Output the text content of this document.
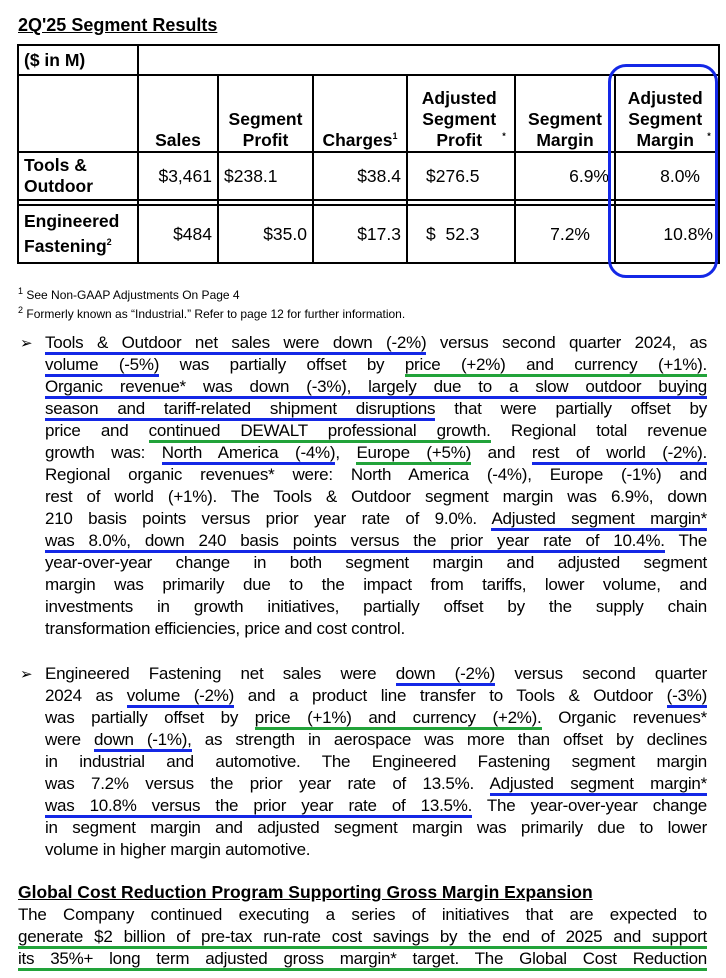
2Q'25 Segment Results
($ in M)						
	Sales	Segment Profit	Charges$^1$	Adjusted Segment Profit *	Segment Margin	Adjusted Segment Margin *
Tools & Outdoor	$3,461	$238.1	$38.4	$276.5	6.9%	8.0%

Engineered Fastening$^2$	$484	$35.0	$17.3	$  52.3	7.2%	10.8%
$^1$ See Non-GAAP Adjustments On Page 4
$^2$ Formerly known as “Industrial.” Refer to page 12 for further information.
➢ Tools & Outdoor net sales were down (-2%) versus second quarter 2024, as
volume (-5%) was partially offset by price (+2%) and currency (+1%).
Organic revenue* was down (-3%), largely due to a slow outdoor buying
season and tariff-related shipment disruptions that were partially offset by
price and continued DEWALT professional growth. Regional total revenue
growth was: North America (-4%), Europe (+5%) and rest of world (-2%).
Regional organic revenues* were: North America (-4%), Europe (-1%) and
rest of world (+1%). The Tools & Outdoor segment margin was 6.9%, down
210 basis points versus prior year rate of 9.0%. Adjusted segment margin*
was 8.0%, down 240 basis points versus the prior year rate of 10.4%. The
year-over-year change in both segment margin and adjusted segment
margin was primarily due to the impact from tariffs, lower volume, and
investments in growth initiatives, partially offset by the supply chain
transformation efficiencies, price and cost control.
➢ Engineered Fastening net sales were down (-2%) versus second quarter
2024 as volume (-2%) and a product line transfer to Tools & Outdoor (-3%)
was partially offset by price (+1%) and currency (+2%). Organic revenues*
were down (-1%), as strength in aerospace was more than offset by declines
in industrial and automotive. The Engineered Fastening segment margin
was 7.2% versus the prior year rate of 13.5%. Adjusted segment margin*
was 10.8% versus the prior year rate of 13.5%. The year-over-year change
in segment margin and adjusted segment margin was primarily due to lower
volume in higher margin automotive.
Global Cost Reduction Program Supporting Gross Margin Expansion
The Company continued executing a series of initiatives that are expected to
generate $2 billion of pre-tax run-rate cost savings by the end of 2025 and support
its 35%+ long term adjusted gross margin* target. The Global Cost Reduction
